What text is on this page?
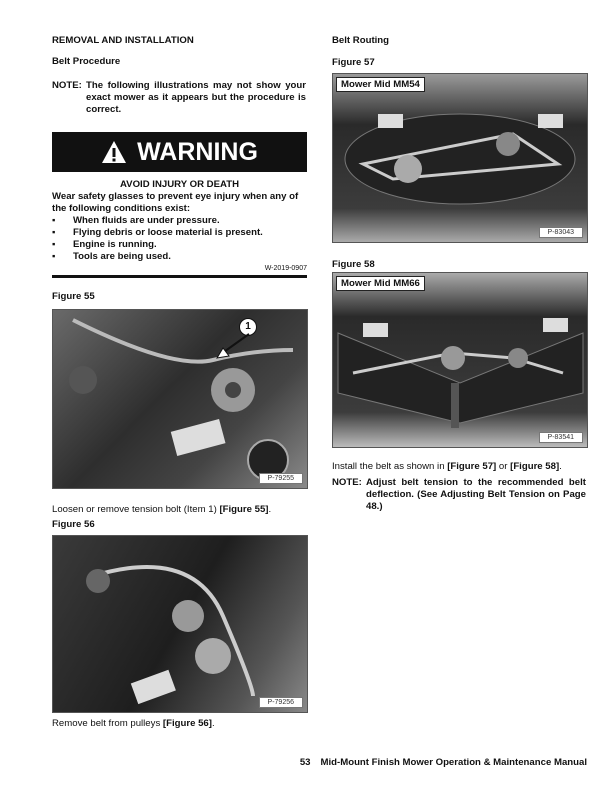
REMOVAL AND INSTALLATION
Belt Procedure
NOTE: The following illustrations may not show your exact mower as it appears but the procedure is correct.
WARNING
AVOID INJURY OR DEATH
Wear safety glasses to prevent eye injury when any of the following conditions exist:
▪ When fluids are under pressure.
▪ Flying debris or loose material is present.
▪ Engine is running.
▪ Tools are being used.
W-2019-0907
Figure 55
1
P-79255
Loosen or remove tension bolt (Item 1) [Figure 55].
Figure 56
P-79256
Remove belt from pulleys [Figure 56].
Belt Routing
Figure 57
Mower Mid MM54
P-83043
Figure 58
Mower Mid MM66
P-83541
Install the belt as shown in [Figure 57] or [Figure 58].
NOTE: Adjust belt tension to the recommended belt deflection. (See Adjusting Belt Tension on Page 48.)
53 Mid-Mount Finish Mower Operation & Maintenance Manual
